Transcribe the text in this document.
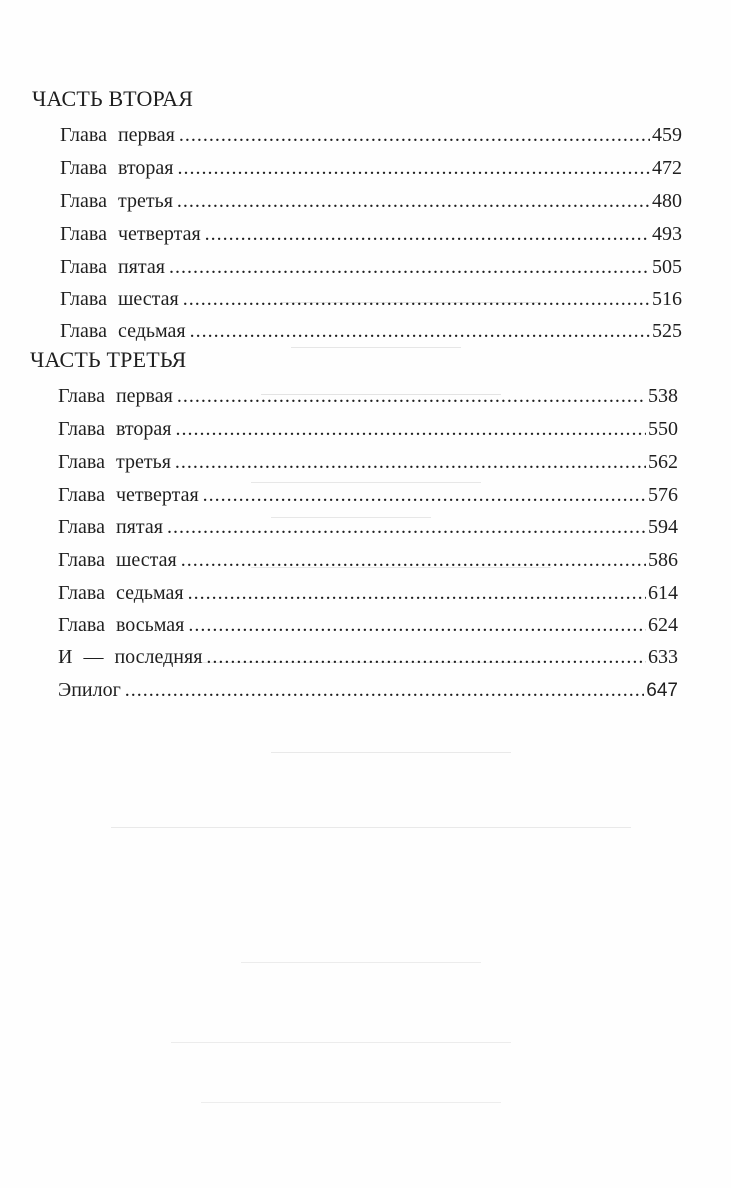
ЧАСТЬ ВТОРАЯ
Глава первая .....	459
Глава вторая .....	472
Глава третья .....	480
Глава четвертая .....	493
Глава пятая .....	505
Глава шестая .....	516
Глава седьмая .....	525
ЧАСТЬ ТРЕТЬЯ
Глава первая .....	538
Глава вторая .....	550
Глава третья .....	562
Глава четвертая .....	576
Глава пятая .....	594
Глава шестая .....	586
Глава седьмая .....	614
Глава восьмая .....	624
И — последняя .....	633
Эпилог .....	647
